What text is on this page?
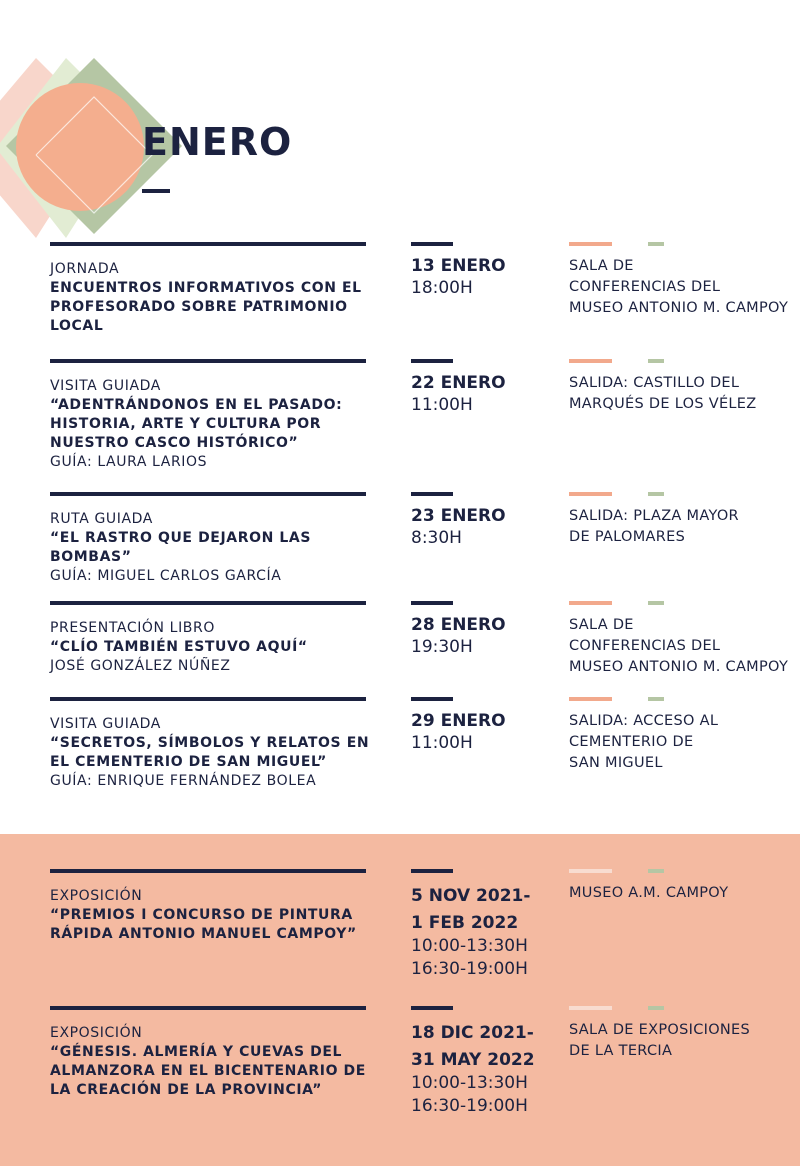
ENERO
JORNADA
ENCUENTROS INFORMATIVOS CON EL PROFESORADO SOBRE PATRIMONIO LOCAL
13 ENERO
18:00H
SALA DE
CONFERENCIAS DEL
MUSEO ANTONIO M. CAMPOY
VISITA GUIADA
“ADENTRÁNDONOS EN EL PASADO: HISTORIA, ARTE Y CULTURA POR NUESTRO CASCO HISTÓRICO”
GUÍA: LAURA LARIOS
22 ENERO
11:00H
SALIDA: CASTILLO DEL
MARQUÉS DE LOS VÉLEZ
RUTA GUIADA
“EL RASTRO QUE DEJARON LAS BOMBAS”
GUÍA: MIGUEL CARLOS GARCÍA
23 ENERO
8:30H
SALIDA: PLAZA MAYOR
DE PALOMARES
PRESENTACIÓN LIBRO
“CLÍO TAMBIÉN ESTUVO AQUÍ“
JOSÉ GONZÁLEZ NÚÑEZ
28 ENERO
19:30H
SALA DE
CONFERENCIAS DEL
MUSEO ANTONIO M. CAMPOY
VISITA GUIADA
“SECRETOS, SÍMBOLOS Y RELATOS EN EL CEMENTERIO DE SAN MIGUEL”
GUÍA: ENRIQUE FERNÁNDEZ BOLEA
29 ENERO
11:00H
SALIDA: ACCESO AL
CEMENTERIO DE
SAN MIGUEL
EXPOSICIÓN
“PREMIOS I CONCURSO DE PINTURA RÁPIDA ANTONIO MANUEL CAMPOY”
5 NOV 2021-
1 FEB 2022
10:00-13:30H
16:30-19:00H
MUSEO A.M. CAMPOY
EXPOSICIÓN
“GÉNESIS. ALMERÍA Y CUEVAS DEL ALMANZORA EN EL BICENTENARIO DE LA CREACIÓN DE LA PROVINCIA”
18 DIC 2021-
31 MAY 2022
10:00-13:30H
16:30-19:00H
SALA DE EXPOSICIONES
DE LA TERCIA
